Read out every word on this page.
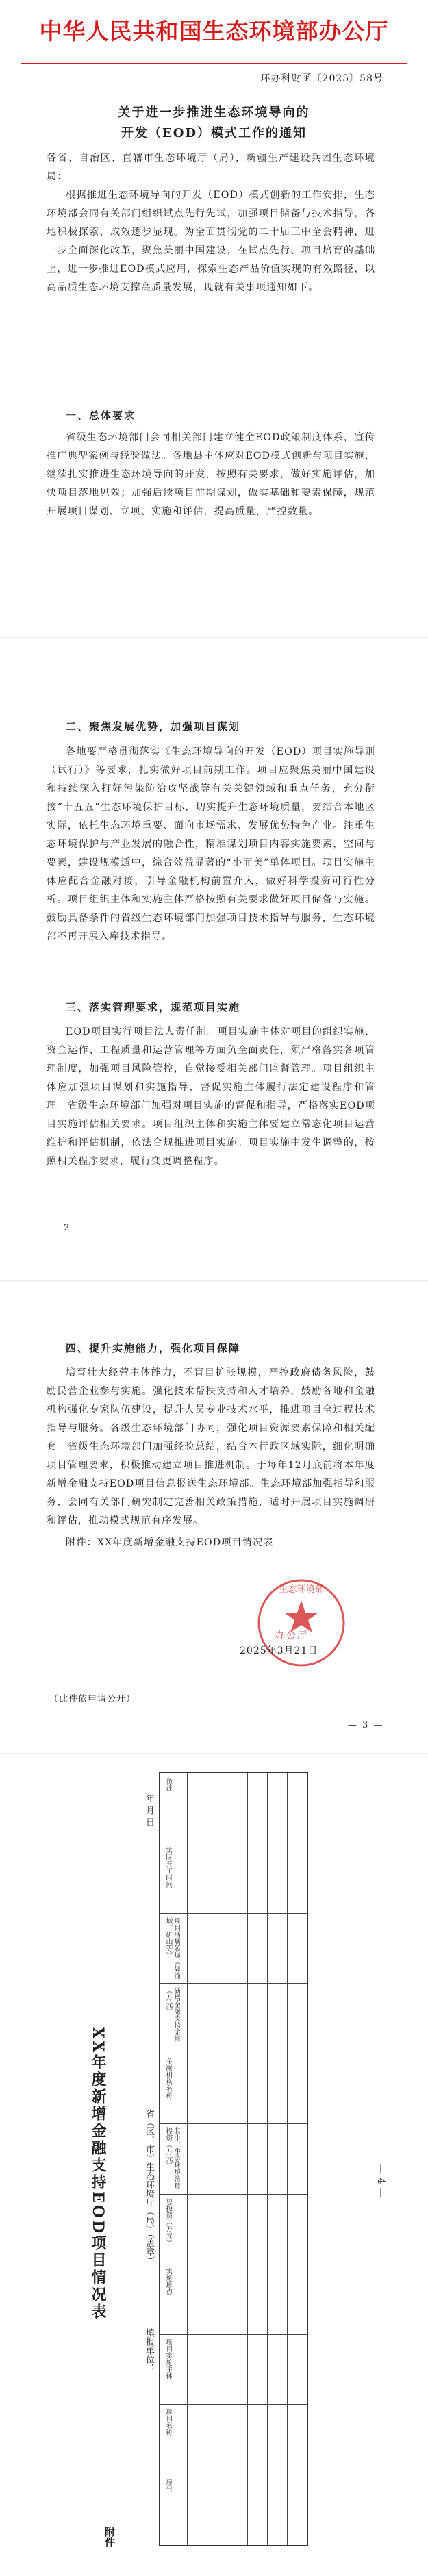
中华人民共和国生态环境部办公厅
环办科财函〔2025〕58号
关于进一步推进生态环境导向的
开发（EOD）模式工作的通知

各省、自治区、直辖市生态环境厅（局），新疆生产建设兵团生态环境局：

根据推进生态环境导向的开发（EOD）模式创新的工作安排，生态环境部会同有关部门组织试点先行先试，加强项目储备与技术指导，各地积极探索，成效逐步显现。为全面贯彻党的二十届三中全会精神，进一步全面深化改革，聚焦美丽中国建设，在试点先行、项目培育的基础上，进一步推进EOD模式应用，探索生态产品价值实现的有效路径，以高品质生态环境支撑高质量发展，现就有关事项通知如下。

一、总体要求

省级生态环境部门会同相关部门建立健全EOD政策制度体系，宣传推广典型案例与经验做法。各地县主体应对EOD模式创新与项目实施，继续扎实推进生态环境导向的开发，按照有关要求，做好实施评估，加快项目落地见效；加强后续项目前期谋划，做实基础和要素保障，规范开展项目谋划、立项、实施和评估，提高质量，严控数量。

二、聚焦发展优势，加强项目谋划

各地要严格贯彻落实《生态环境导向的开发（EOD）项目实施导则（试行）》等要求，扎实做好项目前期工作。项目应聚焦美丽中国建设和持续深入打好污染防治攻坚战等有关关键领域和重点任务，充分衔接“十五五”生态环境保护目标，切实提升生态环境质量，要结合本地区实际，依托生态环境重要、面向市场需求、发展优势特色产业。注重生态环境保护与产业发展的融合性，精准谋划项目内容实施要素，空间与要素，建设规模适中，综合效益显著的“小而美”单体项目。项目实施主体应配合金融对接，引导金融机构前置介入，做好科学投资可行性分析。项目组织主体和实施主体严格按照有关要求做好项目储备与实施。鼓励具备条件的省级生态环境部门加强项目技术指导与服务，生态环境部不再开展入库技术指导。

三、落实管理要求，规范项目实施

EOD项目实行项目法人责任制。项目实施主体对项目的组织实施、资金运作、工程质量和运营管理等方面负全面责任，须严格落实各项管理制度，加强项目风险管控，自觉接受相关部门监督管理。项目组织主体应加强项目谋划和实施指导，督促实施主体履行法定建设程序和管理。省级生态环境部门加强对项目实施的督促和指导，严格落实EOD项目实施评估相关要求。项目组织主体和实施主体要建立常态化项目运营维护和评估机制，依法合规推进项目实施。项目实施中发生调整的，按照相关程序要求，履行变更调整程序。

— 2 —
四、提升实施能力，强化项目保障

培育壮大经营主体能力，不盲目扩张规模，严控政府债务风险，鼓励民营企业参与实施。强化技术帮扶支持和人才培养，鼓励各地和金融机构强化专家队伍建设，提升人员专业技术水平，推进项目全过程技术指导与服务。各级生态环境部门协同，强化项目资源要素保障和相关配套。省级生态环境部门加强经验总结，结合本行政区域实际，细化明确项目管理要求，积极推动建立项目推进机制。于每年12月底前将本年度新增金融支持EOD项目信息报送生态环境部。生态环境部加强指导和服务，会同有关部门研究制定完善相关政策措施，适时开展项目实施调研和评估，推动模式规范有序发展。

附件：XX年度新增金融支持EOD项目情况表

生态环境部
办公厅
2025年3月21日
（此件依申请公开）
— 3 —
附件
XX年度新增金融支持EOD项目情况表
填报单位：
省（区、市）生态环境厅（局）（盖章）
年 月 日
序号
项目名称
项目实施主体
实施地点
总投资（万元）
其中：生态环境治理投资（万元）
金融机构名称
新增金融支持金额（万元）
项目所属领域（如流域、矿山等）
实际开工时间
备注
— 4 —
